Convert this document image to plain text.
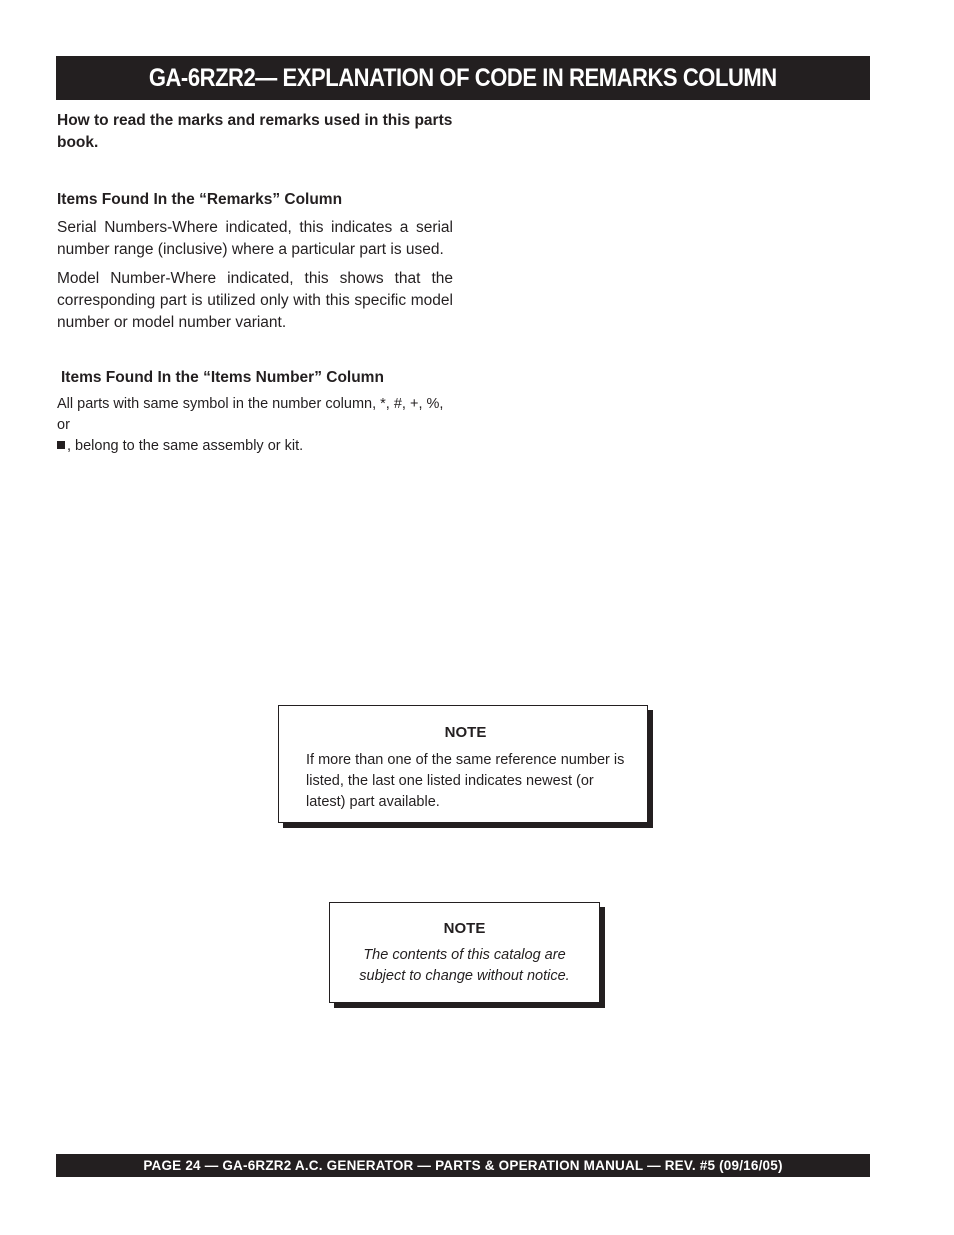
GA-6RZR2— EXPLANATION OF CODE IN REMARKS COLUMN

How to read the marks and remarks used in this parts book.

Items Found In the “Remarks” Column

Serial Numbers-Where indicated, this indicates a serial number range (inclusive) where a particular part is used.

Model Number-Where indicated, this shows that the corresponding part is utilized only with this specific model number or model number variant.

Items Found In the “Items Number” Column

All parts with same symbol in the number column, *, #, +, %, or
, belong to the same assembly or kit.

NOTE

If more than one of the same reference number is listed, the last one listed indicates newest (or latest) part available.

NOTE

The contents of this catalog are subject to change without notice.

PAGE 24 — GA-6RZR2 A.C. GENERATOR — PARTS & OPERATION MANUAL — REV. #5 (09/16/05)
